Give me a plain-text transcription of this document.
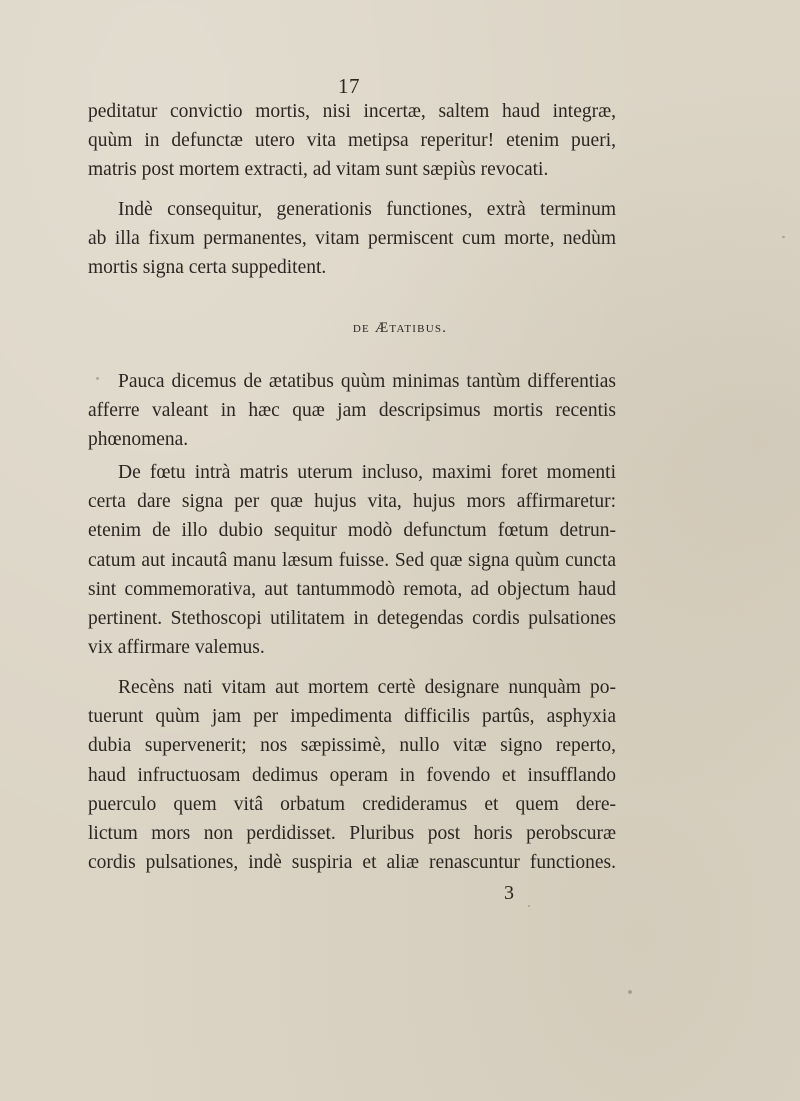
17
peditatur convictio mortis, nisi incertæ, saltem haud integræ,
quùm in defunctæ utero vita metipsa reperitur! etenim pueri,
matris post mortem extracti, ad vitam sunt sæpiùs revocati.
Indè consequitur, generationis functiones, extrà terminum
ab illa fixum permanentes, vitam permiscent cum morte, nedùm
mortis signa certa suppeditent.
de Ætatibus.
Pauca dicemus de ætatibus quùm minimas tantùm differentias
afferre valeant in hæc quæ jam descripsimus mortis recentis
phœnomena.
De fœtu intrà matris uterum incluso, maximi foret momenti
certa dare signa per quæ hujus vita, hujus mors affirmaretur:
etenim de illo dubio sequitur modò defunctum fœtum detrun-
catum aut incautâ manu læsum fuisse. Sed quæ signa quùm cuncta
sint commemorativa, aut tantummodò remota, ad objectum haud
pertinent. Stethoscopi utilitatem in detegendas cordis pulsationes
vix affirmare valemus.
Recèns nati vitam aut mortem certè designare nunquàm po-
tuerunt quùm jam per impedimenta difficilis partûs, asphyxia
dubia supervenerit; nos sæpissimè, nullo vitæ signo reperto,
haud infructuosam dedimus operam in fovendo et insufflando
puerculo quem vitâ orbatum credideramus et quem dere-
lictum mors non perdidisset. Pluribus post horis perobscuræ
cordis pulsationes, indè suspiria et aliæ renascuntur functiones.
3
